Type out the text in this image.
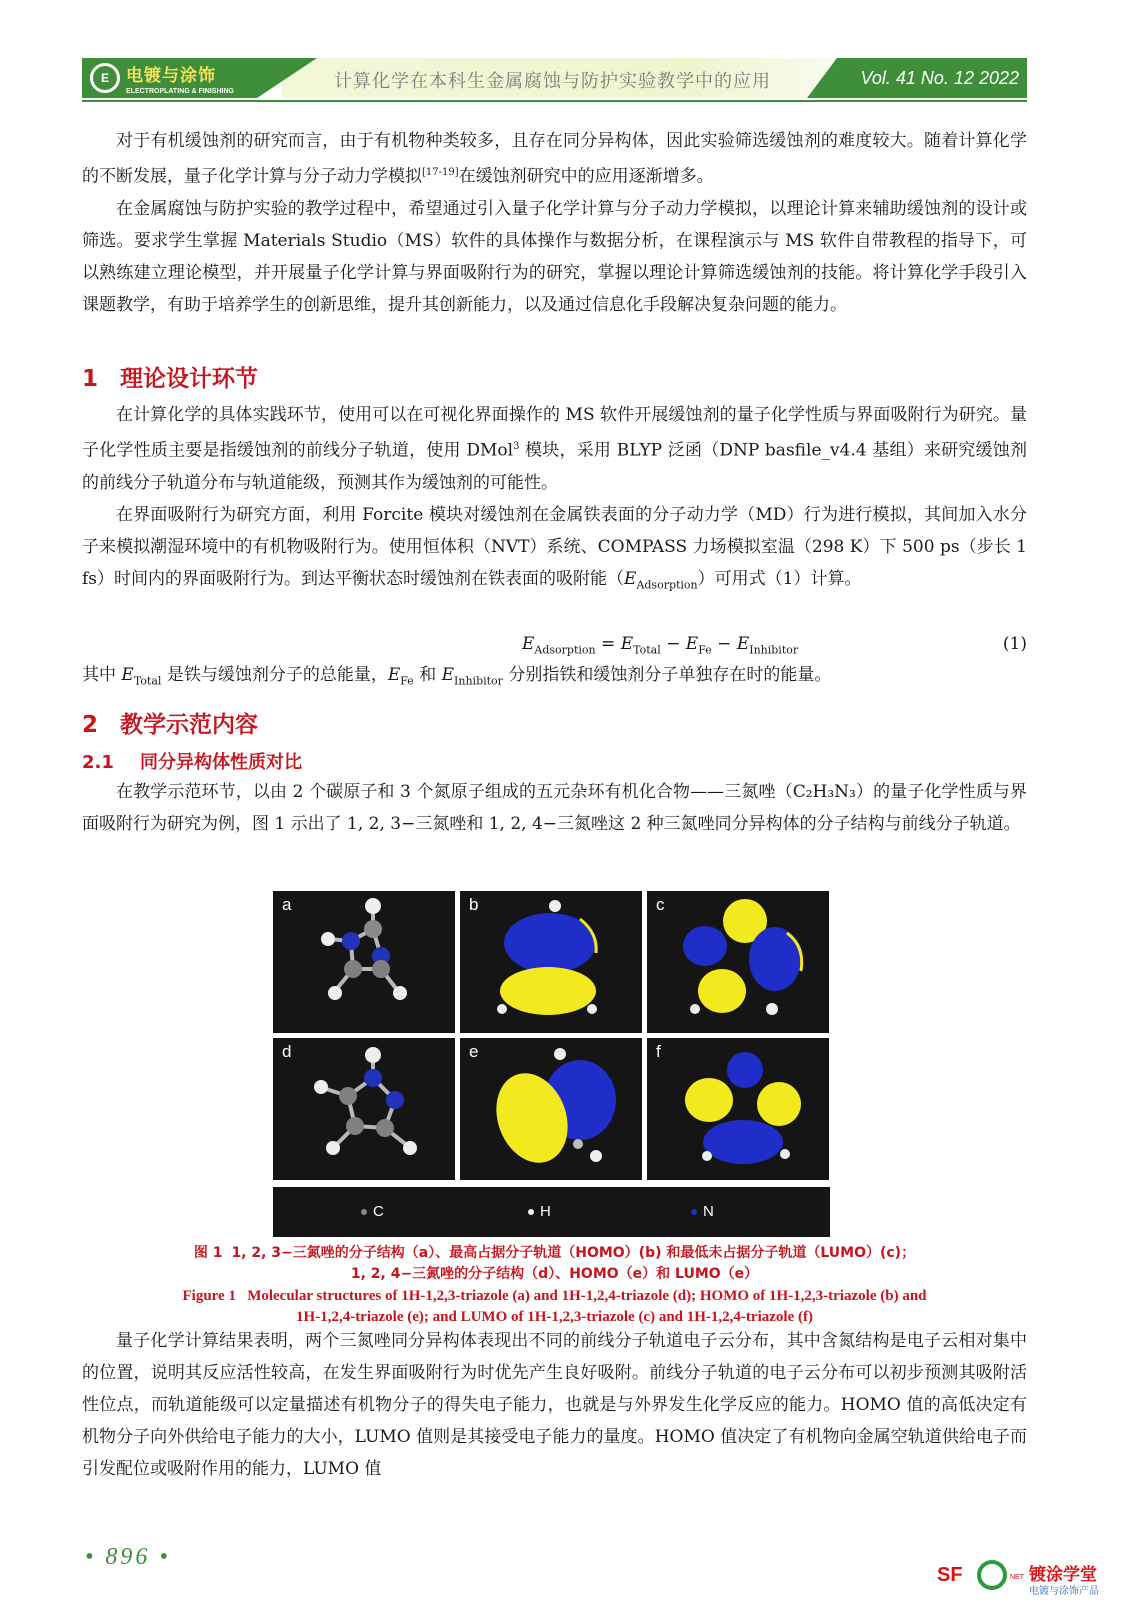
E	电镀与涂饰
ELECTROPLATING & FINISHING	计算化学在本科生金属腐蚀与防护实验教学中的应用	Vol. 41 No. 12 2022

对于有机缓蚀剂的研究而言，由于有机物种类较多，且存在同分异构体，因此实验筛选缓蚀剂的难度较大。随着计算化学的不断发展，量子化学计算与分子动力学模拟[17-19]在缓蚀剂研究中的应用逐渐增多。

在金属腐蚀与防护实验的教学过程中，希望通过引入量子化学计算与分子动力学模拟，以理论计算来辅助缓蚀剂的设计或筛选。要求学生掌握 Materials Studio（MS）软件的具体操作与数据分析，在课程演示与 MS 软件自带教程的指导下，可以熟练建立理论模型，并开展量子化学计算与界面吸附行为的研究，掌握以理论计算筛选缓蚀剂的技能。将计算化学手段引入课题教学，有助于培养学生的创新思维，提升其创新能力，以及通过信息化手段解决复杂问题的能力。

1 理论设计环节

在计算化学的具体实践环节，使用可以在可视化界面操作的 MS 软件开展缓蚀剂的量子化学性质与界面吸附行为研究。量子化学性质主要是指缓蚀剂的前线分子轨道，使用 DMol$^3$ 模块，采用 BLYP 泛函（DNP basfile_v4.4 基组）来研究缓蚀剂的前线分子轨道分布与轨道能级，预测其作为缓蚀剂的可能性。

在界面吸附行为研究方面，利用 Forcite 模块对缓蚀剂在金属铁表面的分子动力学（MD）行为进行模拟，其间加入水分子来模拟潮湿环境中的有机物吸附行为。使用恒体积（NVT）系统、COMPASS 力场模拟室温（298 K）下 500 ps（步长 1 fs）时间内的界面吸附行为。到达平衡状态时缓蚀剂在铁表面的吸附能$(E_{Adsorption})$可用式（1）计算。

$E_{Adsorption} = E_{Total} - E_{Fe} - E_{Inhibitor}$	(1)
其中 $E_{Total}$ 是铁与缓蚀剂分子的总能量，$E_{Fe}$ 和 $E_{Inhibitor}$ 分别指铁和缓蚀剂分子单独存在时的能量。
2 教学示范内容
2.1 同分异构体性质对比

在教学示范环节，以由 2 个碳原子和 3 个氮原子组成的五元杂环有机化合物——三氮唑（C₂H₃N₃）的量子化学性质与界面吸附行为研究为例，图 1 示出了 1, 2, 3−三氮唑和 1, 2, 4−三氮唑这 2 种三氮唑同分异构体的分子结构与前线分子轨道。

a	b	c
d	e	f
C	H	N
图 1 1, 2, 3−三氮唑的分子结构（a）、最高占据分子轨道（HOMO）(b) 和最低未占据分子轨道（LUMO）(c)；
1, 2, 4−三氮唑的分子结构（d）、HOMO（e）和 LUMO（e）
Figure 1 Molecular structures of 1H-1,2,3-triazole (a) and 1H-1,2,4-triazole (d); HOMO of 1H-1,2,3-triazole (b) and
1H-1,2,4-triazole (e); and LUMO of 1H-1,2,3-triazole (c) and 1H-1,2,4-triazole (f)

量子化学计算结果表明，两个三氮唑同分异构体表现出不同的前线分子轨道电子云分布，其中含氮结构是电子云相对集中的位置，说明其反应活性较高，在发生界面吸附行为时优先产生良好吸附。前线分子轨道的电子云分布可以初步预测其吸附活性位点，而轨道能级可以定量描述有机物分子的得失电子能力，也就是与外界发生化学反应的能力。HOMO 值的高低决定有机物分子向外供给电子能力的大小，LUMO 值则是其接受电子能力的量度。HOMO 值决定了有机物向金属空轨道供给电子而引发配位或吸附作用的能力，LUMO 值

• 896 •
SF	NET 镀涂学堂
电镀与涂饰产品
